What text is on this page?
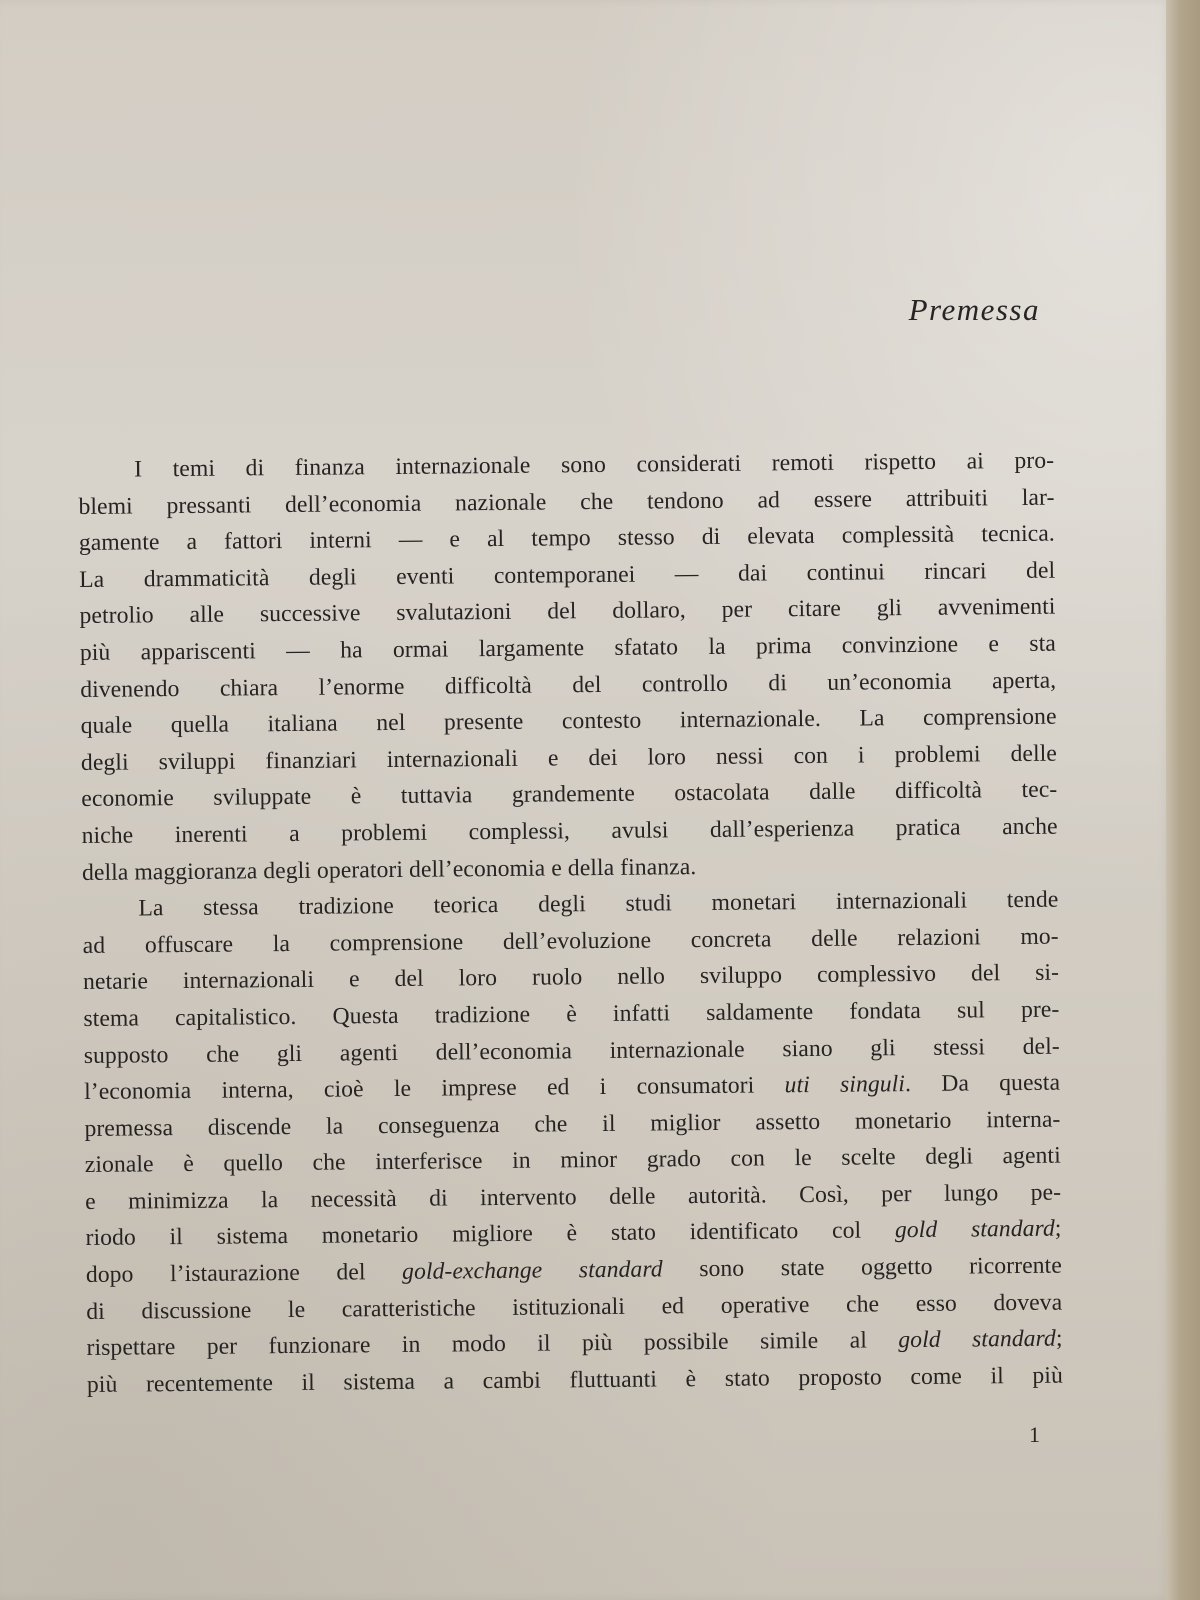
Premessa
I temi di finanza internazionale sono considerati remoti rispetto ai pro-
blemi pressanti dell’economia nazionale che tendono ad essere attribuiti lar-
gamente a fattori interni — e al tempo stesso di elevata complessità tecnica.
La drammaticità degli eventi contemporanei — dai continui rincari del
petrolio alle successive svalutazioni del dollaro, per citare gli avvenimenti
più appariscenti — ha ormai largamente sfatato la prima convinzione e sta
divenendo chiara l’enorme difficoltà del controllo di un’economia aperta,
quale quella italiana nel presente contesto internazionale. La comprensione
degli sviluppi finanziari internazionali e dei loro nessi con i problemi delle
economie sviluppate è tuttavia grandemente ostacolata dalle difficoltà tec-
niche inerenti a problemi complessi, avulsi dall’esperienza pratica anche
della maggioranza degli operatori dell’economia e della finanza.
La stessa tradizione teorica degli studi monetari internazionali tende
ad offuscare la comprensione dell’evoluzione concreta delle relazioni mo-
netarie internazionali e del loro ruolo nello sviluppo complessivo del si-
stema capitalistico. Questa tradizione è infatti saldamente fondata sul pre-
supposto che gli agenti dell’economia internazionale siano gli stessi del-
l’economia interna, cioè le imprese ed i consumatori uti singuli. Da questa
premessa discende la conseguenza che il miglior assetto monetario interna-
zionale è quello che interferisce in minor grado con le scelte degli agenti
e minimizza la necessità di intervento delle autorità. Così, per lungo pe-
riodo il sistema monetario migliore è stato identificato col gold standard;
dopo l’istaurazione del gold-exchange standard sono state oggetto ricorrente
di discussione le caratteristiche istituzionali ed operative che esso doveva
rispettare per funzionare in modo il più possibile simile al gold standard;
più recentemente il sistema a cambi fluttuanti è stato proposto come il più
1
